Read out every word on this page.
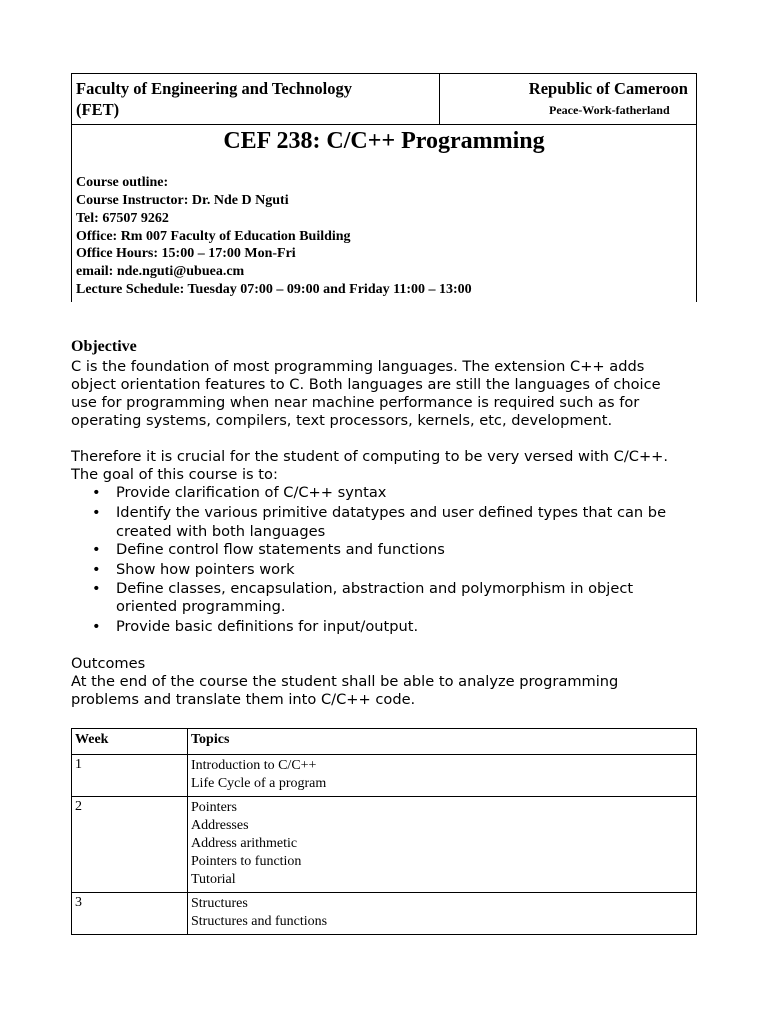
Faculty of Engineering and Technology
(FET)
Republic of Cameroon
Peace-Work-fatherland
CEF 238: C/C++ Programming
Course outline:
Course Instructor: Dr. Nde D Nguti
Tel: 67507 9262
Office: Rm 007 Faculty of Education Building
Office Hours: 15:00 – 17:00 Mon-Fri
email: nde.nguti@ubuea.cm
Lecture Schedule: Tuesday 07:00 – 09:00 and Friday 11:00 – 13:00
Objective
C is the foundation of most programming languages. The extension C++ adds
object orientation features to C. Both languages are still the languages of choice
use for programming when near machine performance is required such as for
operating systems, compilers, text processors, kernels, etc, development.
Therefore it is crucial for the student of computing to be very versed with C/C++.
The goal of this course is to:
• Provide clarification of C/C++ syntax
• Identify the various primitive datatypes and user defined types that can be
created with both languages
• Define control flow statements and functions
• Show how pointers work
• Define classes, encapsulation, abstraction and polymorphism in object
oriented programming.
• Provide basic definitions for input/output.
Outcomes
At the end of the course the student shall be able to analyze programming
problems and translate them into C/C++ code.
Week	Topics
1	Introduction to C/C++
Life Cycle of a program

2	Pointers
Addresses
Address arithmetic
Pointers to function
Tutorial

3	Structures
Structures and functions
